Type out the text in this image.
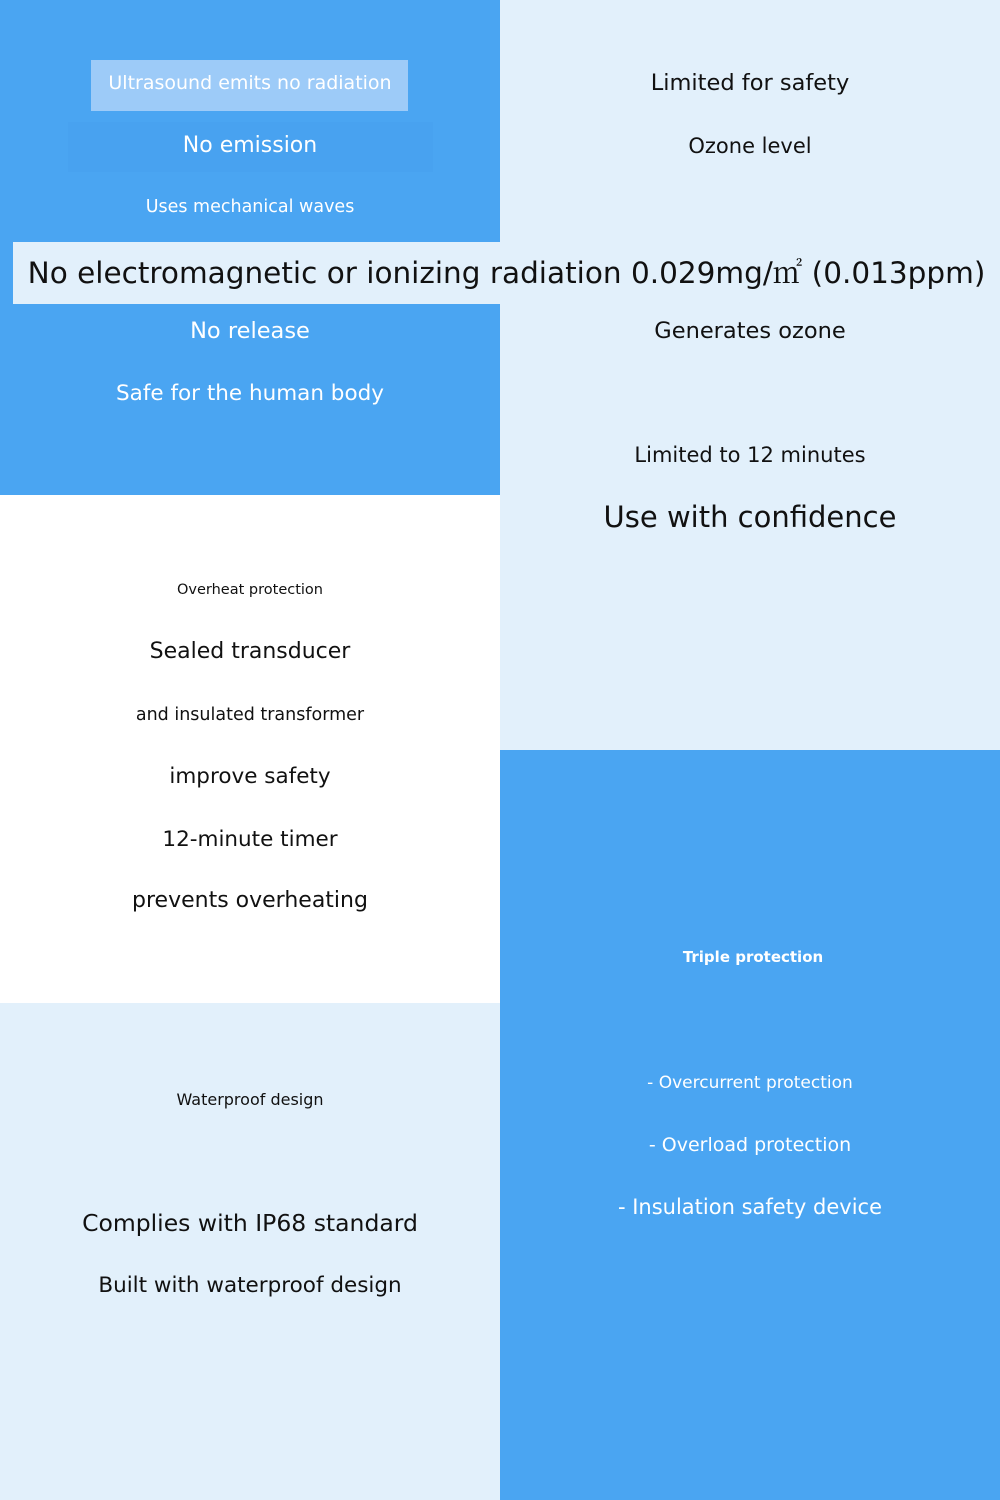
Ultrasound emits no radiation
No emission
Uses mechanical waves
No release
Safe for the human body
Limited for safety
Ozone level
Generates ozone
Limited to 12 minutes
Use with confidence
Overheat protection
Sealed transducer
and insulated transformer
improve safety
12-minute timer
prevents overheating
Waterproof design
Complies with IP68 standard
Built with waterproof design
Triple protection
- Overcurrent protection
- Overload protection
- Insulation safety device
No electromagnetic or ionizing radiation 0.029mg/㎡ (0.013ppm)
